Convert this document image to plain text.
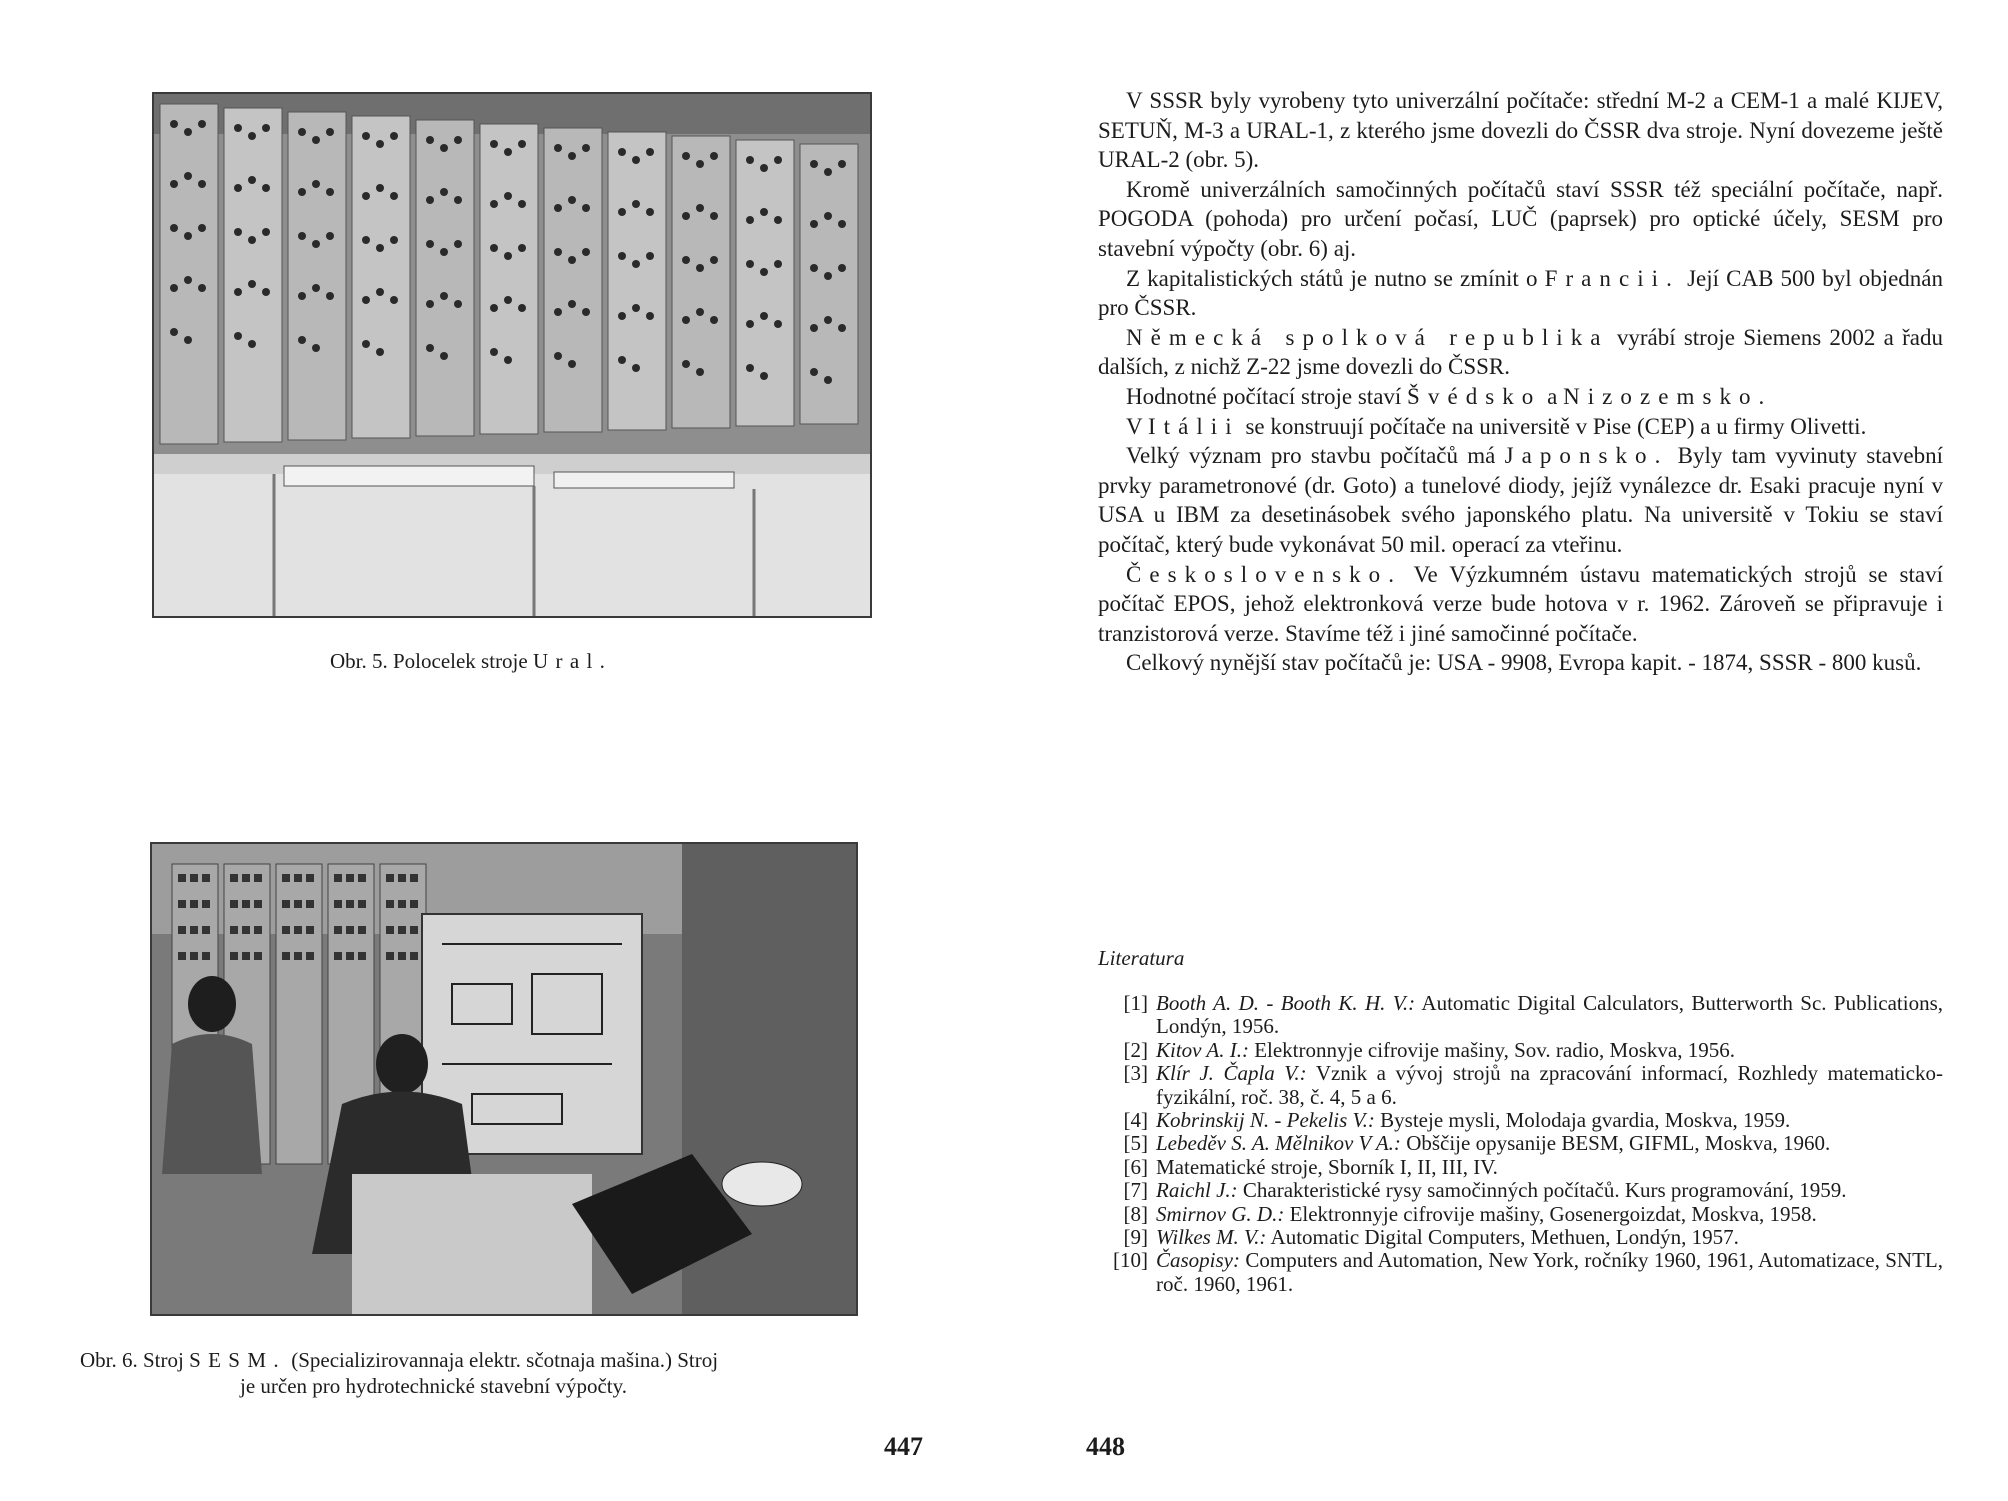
Obr. 5. Polocelek stroje Ural.
Obr. 6. Stroj SESM. (Specializirovannaja elektr. sčotnaja mašina.) Stroj
je určen pro hydrotechnické stavební výpočty.
447

V SSSR byly vyrobeny tyto univerzální počítače: střední M-2 a CEM-1 a malé KIJEV, SETUŇ, M-3 a URAL-1, z kterého jsme dovezli do ČSSR dva stroje. Nyní dovezeme ještě URAL-2 (obr. 5).

Kromě univerzálních samočinných počítačů staví SSSR též speciální počítače, např. POGODA (pohoda) pro určení počasí, LUČ (paprsek) pro optické účely, SESM pro stavební výpočty (obr. 6) aj.

Z kapitalistických států je nutno se zmínit o Francii. Její CAB 500 byl objednán pro ČSSR.

Německá spolková republika vyrábí stroje Siemens 2002 a řadu dalších, z nichž Z-22 jsme dovezli do ČSSR.

Hodnotné počítací stroje staví Švédsko a Nizozemsko.

V Itálii se konstruují počítače na universitě v Pise (CEP) a u firmy Olivetti.

Velký význam pro stavbu počítačů má Japonsko. Byly tam vyvinuty stavební prvky parametronové (dr. Goto) a tunelové diody, jejíž vynálezce dr. Esaki pracuje nyní v USA u IBM za desetinásobek svého japonského platu. Na universitě v Tokiu se staví počítač, který bude vykonávat 50 mil. operací za vteřinu.

Československo. Ve Výzkumném ústavu matematických strojů se staví počítač EPOS, jehož elektronková verze bude hotova v r. 1962. Zároveň se připravuje i tranzistorová verze. Stavíme též i jiné samočinné počítače.

Celkový nynější stav počítačů je: USA - 9908, Evropa kapit. - 1874, SSSR - 800 kusů.

Literatura
[1] Booth A. D. - Booth K. H. V.: Automatic Digital Calculators, Butterworth Sc. Publications, Londýn, 1956.
[2] Kitov A. I.: Elektronnyje cifrovije mašiny, Sov. radio, Moskva, 1956.
[3] Klír J. Čapla V.: Vznik a vývoj strojů na zpracování informací, Rozhledy matematicko-fyzikální, roč. 38, č. 4, 5 a 6.
[4] Kobrinskij N. - Pekelis V.: Bysteje mysli, Molodaja gvardia, Moskva, 1959.
[5] Lebeděv S. A. Mělnikov V A.: Obščije opysanije BESM, GIFML, Moskva, 1960.
[6] Matematické stroje, Sborník I, II, III, IV.
[7] Raichl J.: Charakteristické rysy samočinných počítačů. Kurs programování, 1959.
[8] Smirnov G. D.: Elektronnyje cifrovije mašiny, Gosenergoizdat, Moskva, 1958.
[9] Wilkes M. V.: Automatic Digital Computers, Methuen, Londýn, 1957.
[10] Časopisy: Computers and Automation, New York, ročníky 1960, 1961, Automatizace, SNTL, roč. 1960, 1961.
448
